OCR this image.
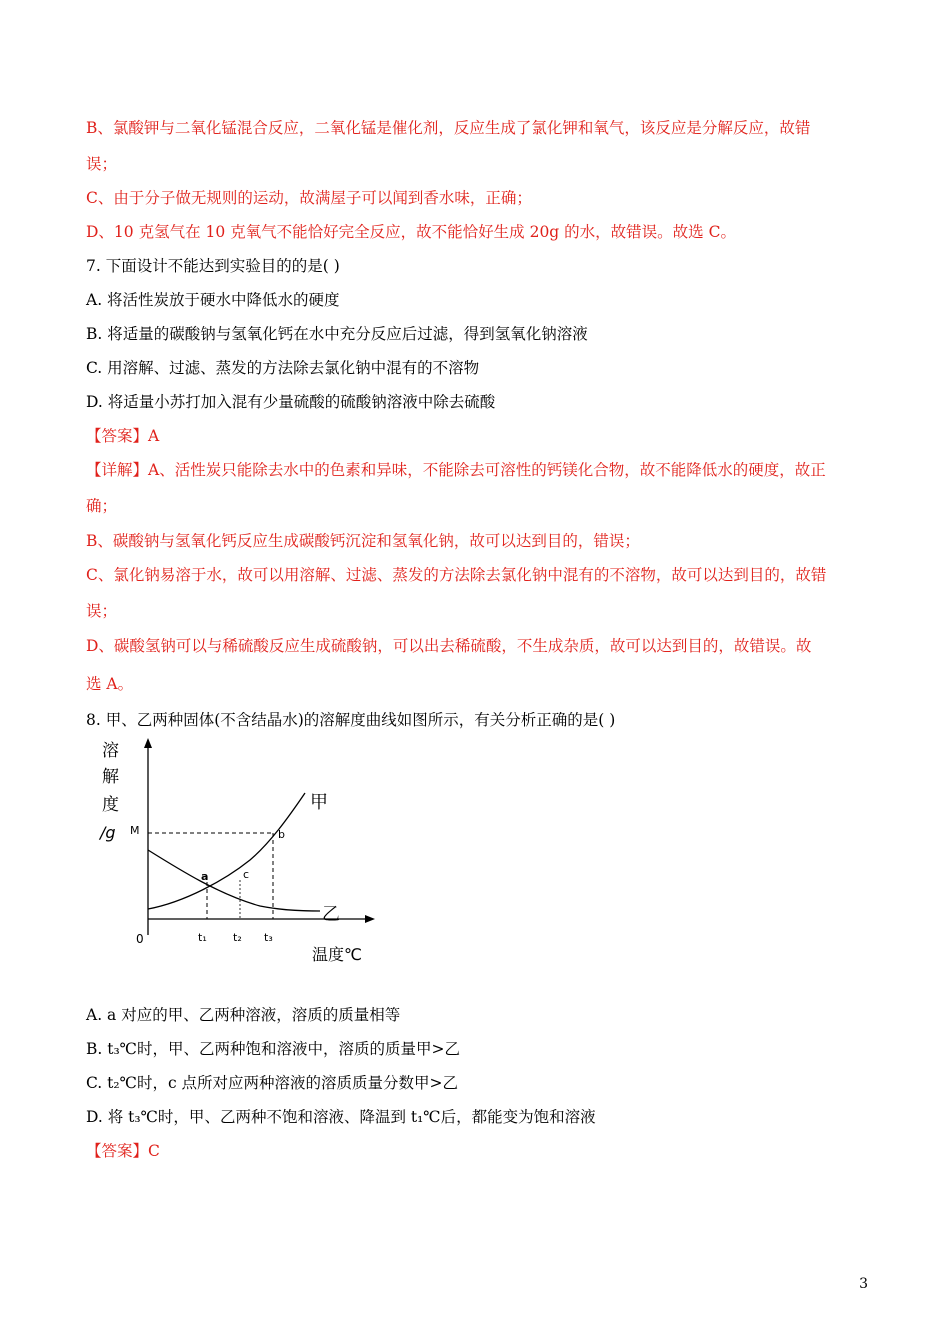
B、氯酸钾与二氧化锰混合反应，二氧化锰是催化剂，反应生成了氯化钾和氧气，该反应是分解反应，故错
误；
C、由于分子做无规则的运动，故满屋子可以闻到香水味，正确；
D、10 克氢气在 10 克氧气不能恰好完全反应，故不能恰好生成 20g 的水，故错误。故选 C。
7. 下面设计不能达到实验目的的是( )
A. 将活性炭放于硬水中降低水的硬度
B. 将适量的碳酸钠与氢氧化钙在水中充分反应后过滤，得到氢氧化钠溶液
C. 用溶解、过滤、蒸发的方法除去氯化钠中混有的不溶物
D. 将适量小苏打加入混有少量硫酸的硫酸钠溶液中除去硫酸
【答案】A
【详解】A、活性炭只能除去水中的色素和异味，不能除去可溶性的钙镁化合物，故不能降低水的硬度，故正
确；
B、碳酸钠与氢氧化钙反应生成碳酸钙沉淀和氢氧化钠，故可以达到目的，错误；
C、氯化钠易溶于水，故可以用溶解、过滤、蒸发的方法除去氯化钠中混有的不溶物，故可以达到目的，故错
误；
D、碳酸氢钠可以与稀硫酸反应生成硫酸钠，可以出去稀硫酸，不生成杂质，故可以达到目的，故错误。故
选 A。
8. 甲、乙两种固体(不含结晶水)的溶解度曲线如图所示，有关分析正确的是( )
溶
解
度
/g M
甲
乙
a
b
c
0	t₁ t₂ t₃
温度℃
A. a 对应的甲、乙两种溶液，溶质的质量相等
B. t₃℃时，甲、乙两种饱和溶液中，溶质的质量甲>乙
C. t₂℃时，c 点所对应两种溶液的溶质质量分数甲>乙
D. 将 t₃℃时，甲、乙两种不饱和溶液、降温到 t₁℃后，都能变为饱和溶液
【答案】C
3
